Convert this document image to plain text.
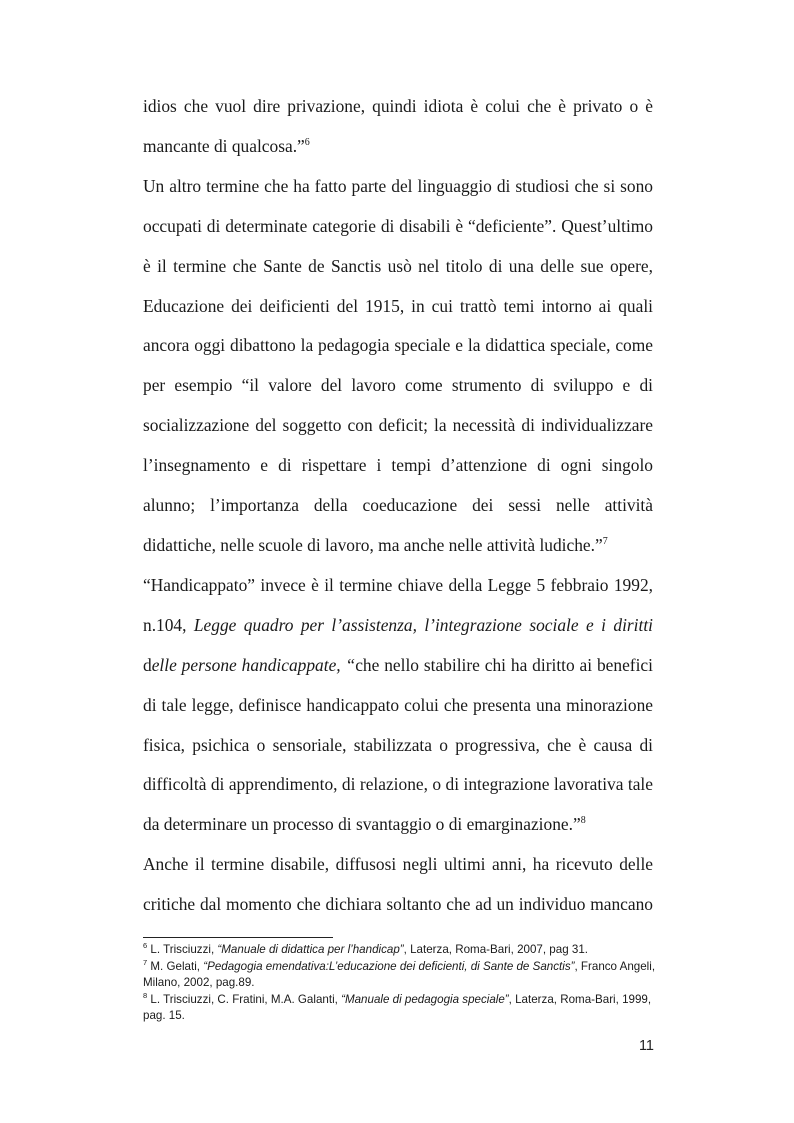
idios che vuol dire privazione, quindi idiota è colui che è privato o è
mancante di qualcosa.”$^6$
Un altro termine che ha fatto parte del linguaggio di studiosi che si sono
occupati di determinate categorie di disabili è “deficiente”. Quest’ultimo
è il termine che Sante de Sanctis usò nel titolo di una delle sue opere,
Educazione dei deificienti del 1915, in cui trattò temi intorno ai quali
ancora oggi dibattono la pedagogia speciale e la didattica speciale, come
per esempio “il valore del lavoro come strumento di sviluppo e di
socializzazione del soggetto con deficit; la necessità di individualizzare
l’insegnamento e di rispettare i tempi d’attenzione di ogni singolo
alunno; l’importanza della coeducazione dei sessi nelle attività
didattiche, nelle scuole di lavoro, ma anche nelle attività ludiche.”$^7$
“Handicappato” invece è il termine chiave della Legge 5 febbraio 1992,
n.104, Legge quadro per l’assistenza, l’integrazione sociale e i diritti
delle persone handicappate, “che nello stabilire chi ha diritto ai benefici
di tale legge, definisce handicappato colui che presenta una minorazione
fisica, psichica o sensoriale, stabilizzata o progressiva, che è causa di
difficoltà di apprendimento, di relazione, o di integrazione lavorativa tale
da determinare un processo di svantaggio o di emarginazione.”$^8$
Anche il termine disabile, diffusosi negli ultimi anni, ha ricevuto delle
critiche dal momento che dichiara soltanto che ad un individuo mancano

$^6$ L. Trisciuzzi, “Manuale di didattica per l’handicap”, Laterza, Roma-Bari, 2007, pag 31.

$^7$ M. Gelati, “Pedagogia emendativa:L’educazione dei deficienti, di Sante de Sanctis”, Franco Angeli, Milano, 2002, pag.89.

$^8$ L. Trisciuzzi, C. Fratini, M.A. Galanti, “Manuale di pedagogia speciale”, Laterza, Roma-Bari, 1999, pag. 15.

11
